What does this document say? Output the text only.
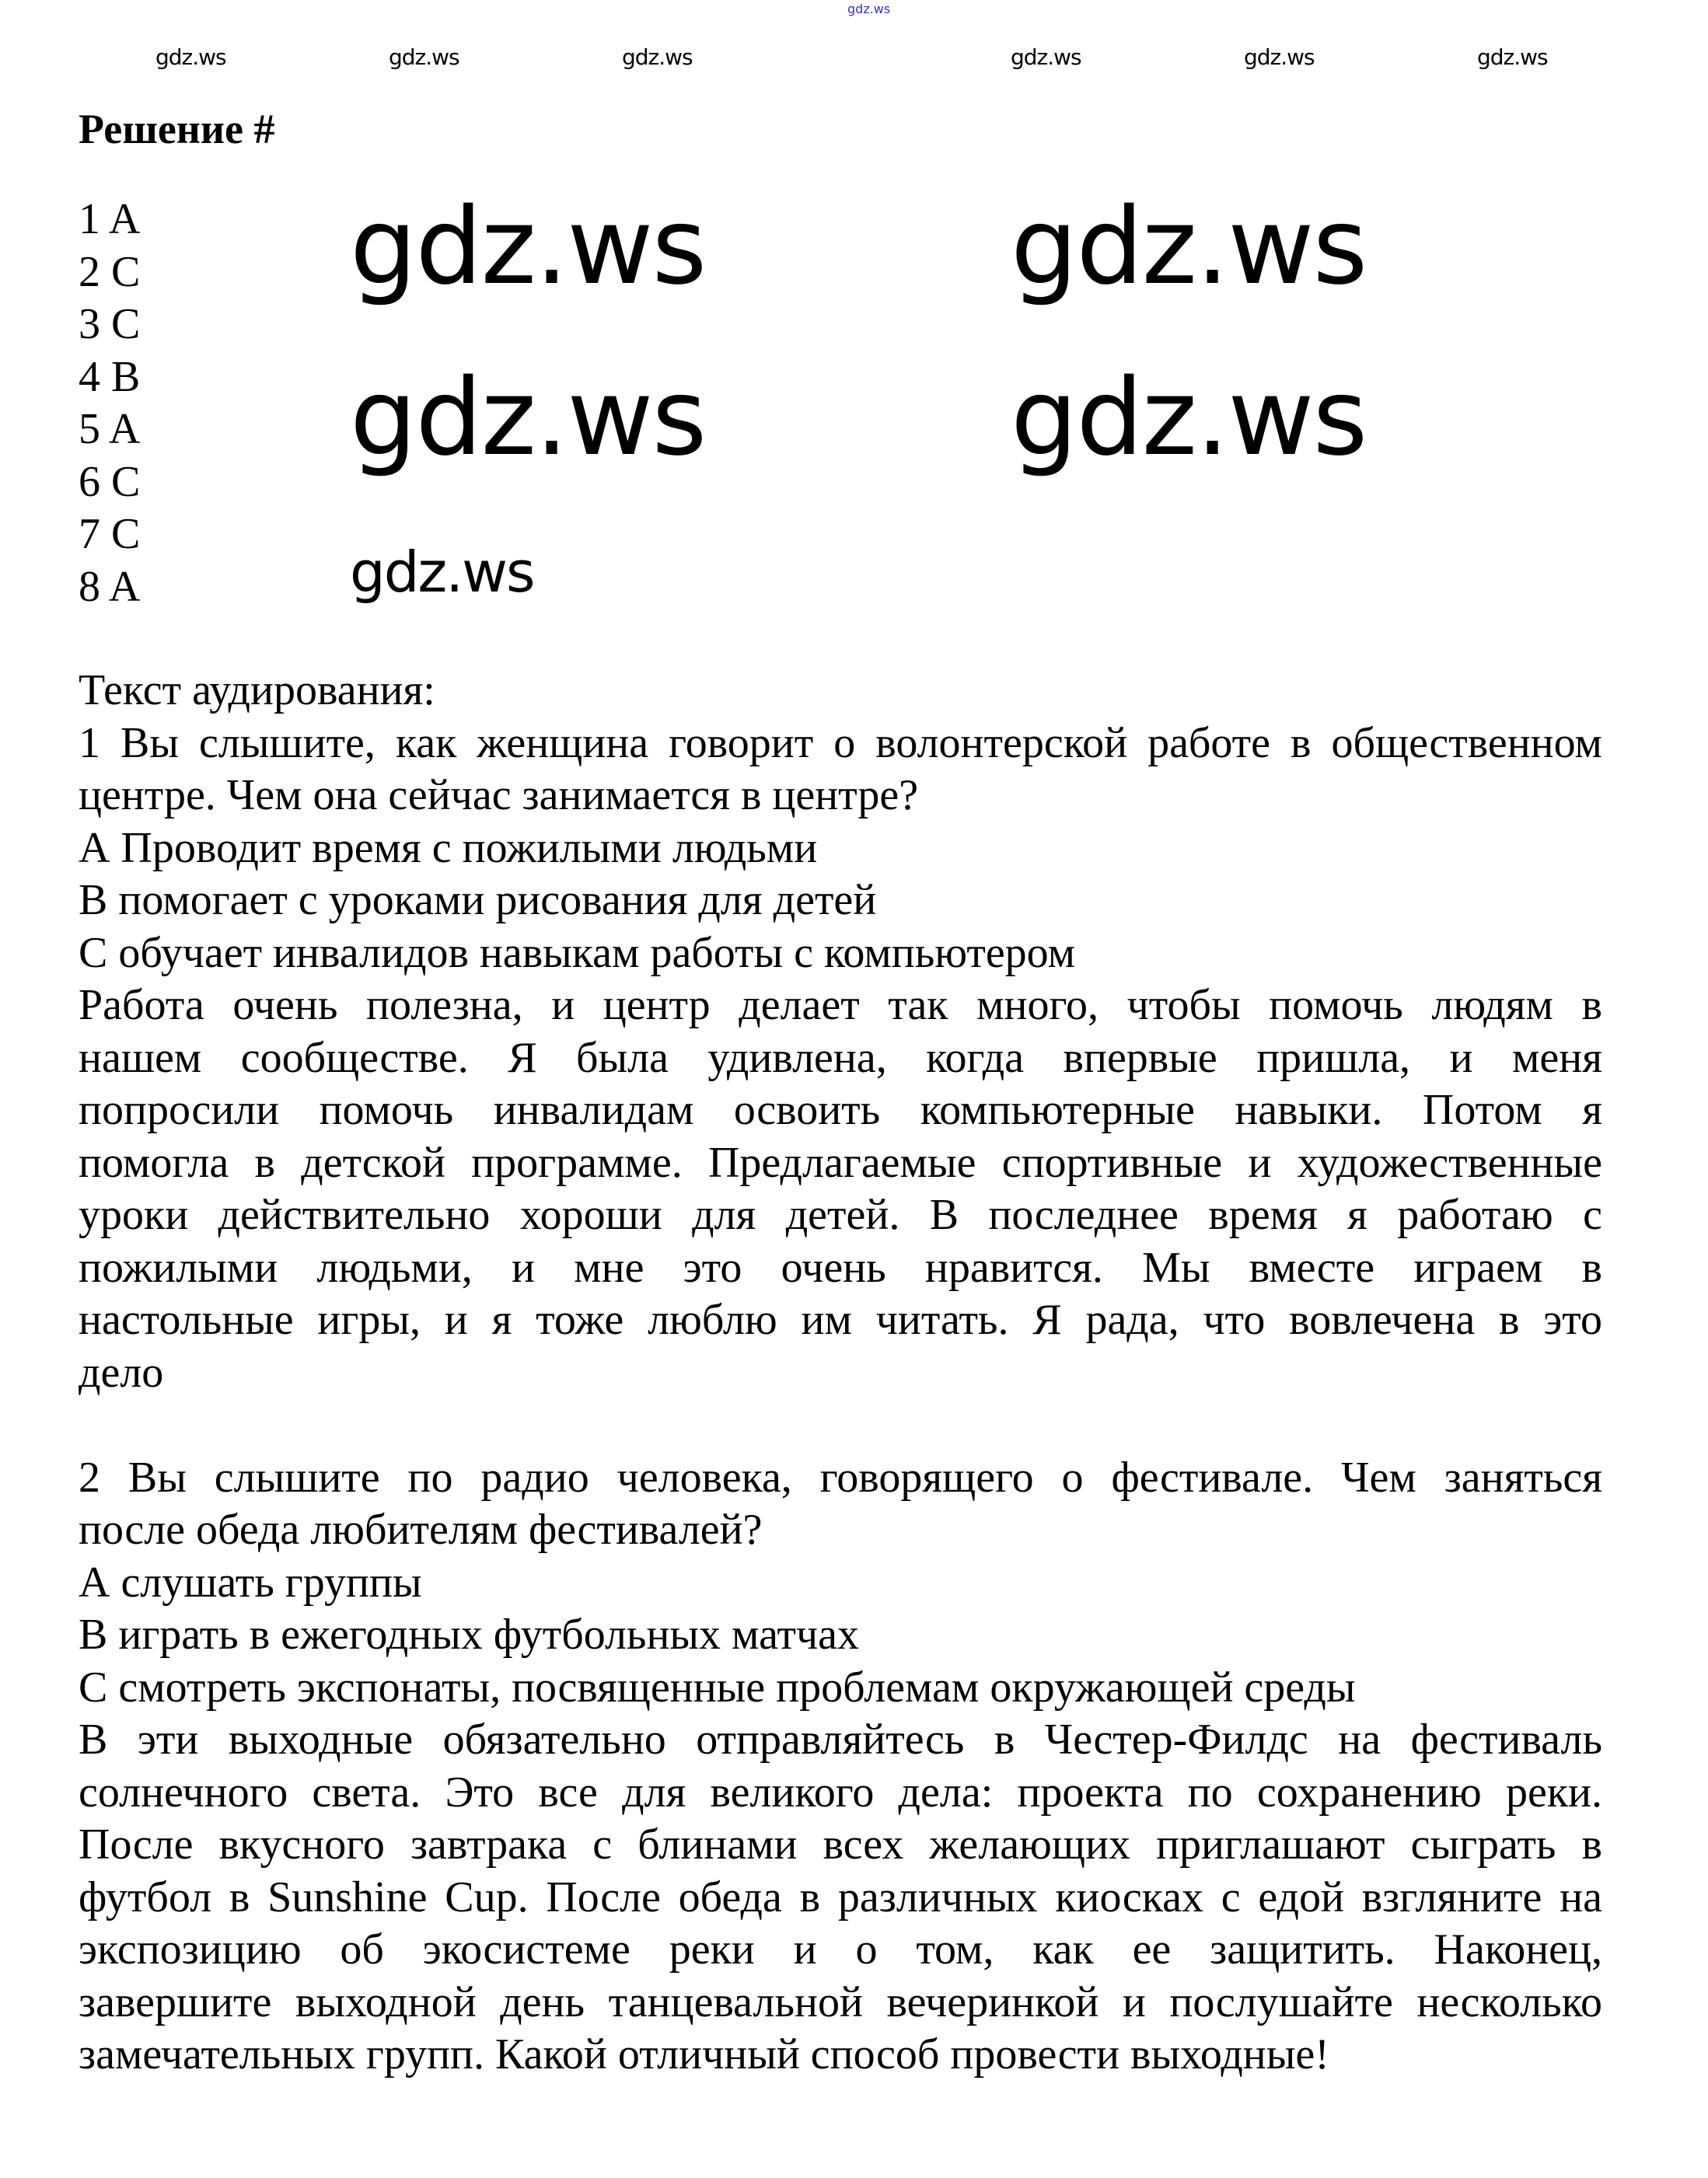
Решение #
1 A
2 C
3 C
4 B
5 A
6 C
7 C
8 A
Текст аудирования:
1 Вы слышите, как женщина говорит о волонтерской работе в общественном
центре. Чем она сейчас занимается в центре?
А Проводит время с пожилыми людьми
В помогает с уроками рисования для детей
С обучает инвалидов навыкам работы с компьютером
Работа очень полезна, и центр делает так много, чтобы помочь людям в
нашем сообществе. Я была удивлена, когда впервые пришла, и меня
попросили помочь инвалидам освоить компьютерные навыки. Потом я
помогла в детской программе. Предлагаемые спортивные и художественные
уроки действительно хороши для детей. В последнее время я работаю с
пожилыми людьми, и мне это очень нравится. Мы вместе играем в
настольные игры, и я тоже люблю им читать. Я рада, что вовлечена в это
дело
2 Вы слышите по радио человека, говорящего о фестивале. Чем заняться
после обеда любителям фестивалей?
А слушать группы
В играть в ежегодных футбольных матчах
С смотреть экспонаты, посвященные проблемам окружающей среды
В эти выходные обязательно отправляйтесь в Честер-Филдс на фестиваль
солнечного света. Это все для великого дела: проекта по сохранению реки.
После вкусного завтрака с блинами всех желающих приглашают сыграть в
футбол в Sunshine Cup. После обеда в различных киосках с едой взгляните на
экспозицию об экосистеме реки и о том, как ее защитить. Наконец,
завершите выходной день танцевальной вечеринкой и послушайте несколько
замечательных групп. Какой отличный способ провести выходные!
gdz.ws
gdz.ws	gdz.ws	gdz.ws	gdz.ws	gdz.ws	gdz.ws
gdz.ws	gdz.ws
gdz.ws	gdz.ws
gdz.ws
